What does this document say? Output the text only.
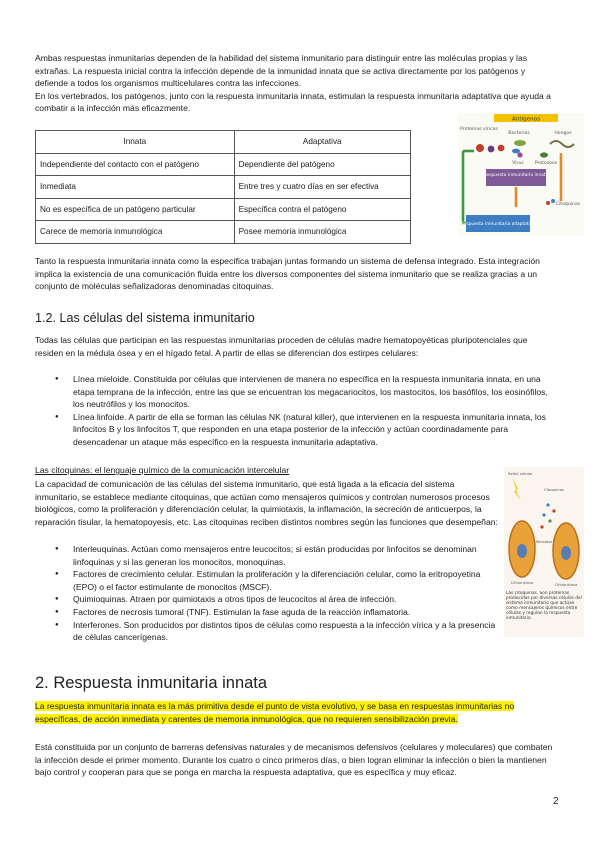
Ambas respuestas inmunitarias dependen de la habilidad del sistema inmunitario para distinguir entre las moléculas propias y las extrañas. La respuesta inicial contra la infección depende de la inmunidad innata que se activa directamente por los patógenos y defiende a todos los organismos multicelulares contra las infecciones.

En los vertebrados, los patógenos, junto con la respuesta inmunitaria innata, estimulan la respuesta inmunitaria adaptativa que ayuda a combatir a la infección más eficazmente.

Innata	Adaptativa
Independiente del contacto con el patógeno	Dependiente del patógeno
Inmediata	Entre tres y cuatro días en ser efectiva
No es específica de un patógeno particular	Específica contra el patógeno
Carece de memoria inmunológica	Posee memoria inmunológica
Antígenos
Proteínas víricas
Bacterias	Hongos
Virus Protozoos
Respuesta inmunitaria innata
Citoquinas
Respuesta inmunitaria adaptativa

Tanto la respuesta inmunitaria innata como la específica trabajan juntas formando un sistema de defensa integrado. Esta integración implica la existencia de una comunicación fluida entre los diversos componentes del sistema inmunitario que se realiza gracias a un conjunto de moléculas señalizadoras denominadas citoquinas.

1.2. Las células del sistema inmunitario

Todas las células que participan en las respuestas inmunitarias proceden de células madre hematopoyéticas pluripotenciales que residen en la médula ósea y en el hígado fetal. A partir de ellas se diferencian dos estirpes celulares:

● Línea mieloide. Constituida por células que intervienen de manera no específica en la respuesta inmunitaria innata, en una etapa temprana de la infección, entre las que se encuentran los megacariocitos, los mastocitos, los basófilos, los eosinófilos, los neutrófilos y los monocitos.
● Línea linfoide. A partir de ella se forman las células NK (natural killer), que intervienen en la respuesta inmunitaria innata, los linfocitos B y los linfocitos T, que responden en una etapa posterior de la infección y actúan coordinadamente para desencadenar un ataque más específico en la respuesta inmunitaria adaptativa.
Las citoquinas: el lenguaje químico de la comunicación intercelular

La capacidad de comunicación de las células del sistema inmunitario, que está ligada a la eficacia del sistema inmunitario, se establece mediante citoquinas, que actúan como mensajeros químicos y controlan numerosos procesos biológicos, como la proliferación y diferenciación celular, la quimiotaxis, la inflamación, la secreción de anticuerpos, la reparación tisular, la hematopoyesis, etc. Las citoquinas reciben distintos nombres según las funciones que desempeñan:

● Interleuquinas. Actúan como mensajeros entre leucocitos; si están producidas por linfocitos se denominan linfoquinas y si las generan los monocitos, monoquinas.
● Factores de crecimiento celular. Estimulan la proliferación y la diferenciación celular, como la eritropoyetina (EPO) o el factor estimulante de monocitos (MSCF).
● Quimioquinas. Atraen por quimiotaxis a otros tipos de leucocitos al área de infección.
● Factores de necrosis tumoral (TNF). Estimulan la fase aguda de la reacción inflamatoria.
● Interferones. Son producidos por distintos tipos de células como respuesta a la infección vírica y a la presencia de células cancerígenas.
Señal celular
Citoquinas
Receptor
Célula diana	Célula diana
Las citoquinas. Son proteínas producidas por diversas células del sistema inmunitario que actúan como mensajeros químicos entre células y regulan la respuesta inmunitaria.
2. Respuesta inmunitaria innata

La respuesta inmunitaria innata es la más primitiva desde el punto de vista evolutivo, y se basa en respuestas inmunitarias no específicas, de acción inmediata y carentes de memoria inmunológica, que no requieren sensibilización previa.

Está constituida por un conjunto de barreras defensivas naturales y de mecanismos defensivos (celulares y moleculares) que combaten la infección desde el primer momento. Durante los cuatro o cinco primeros días, o bien logran eliminar la infección o bien la mantienen bajo control y cooperan para que se ponga en marcha la respuesta adaptativa, que es específica y muy eficaz.

2
